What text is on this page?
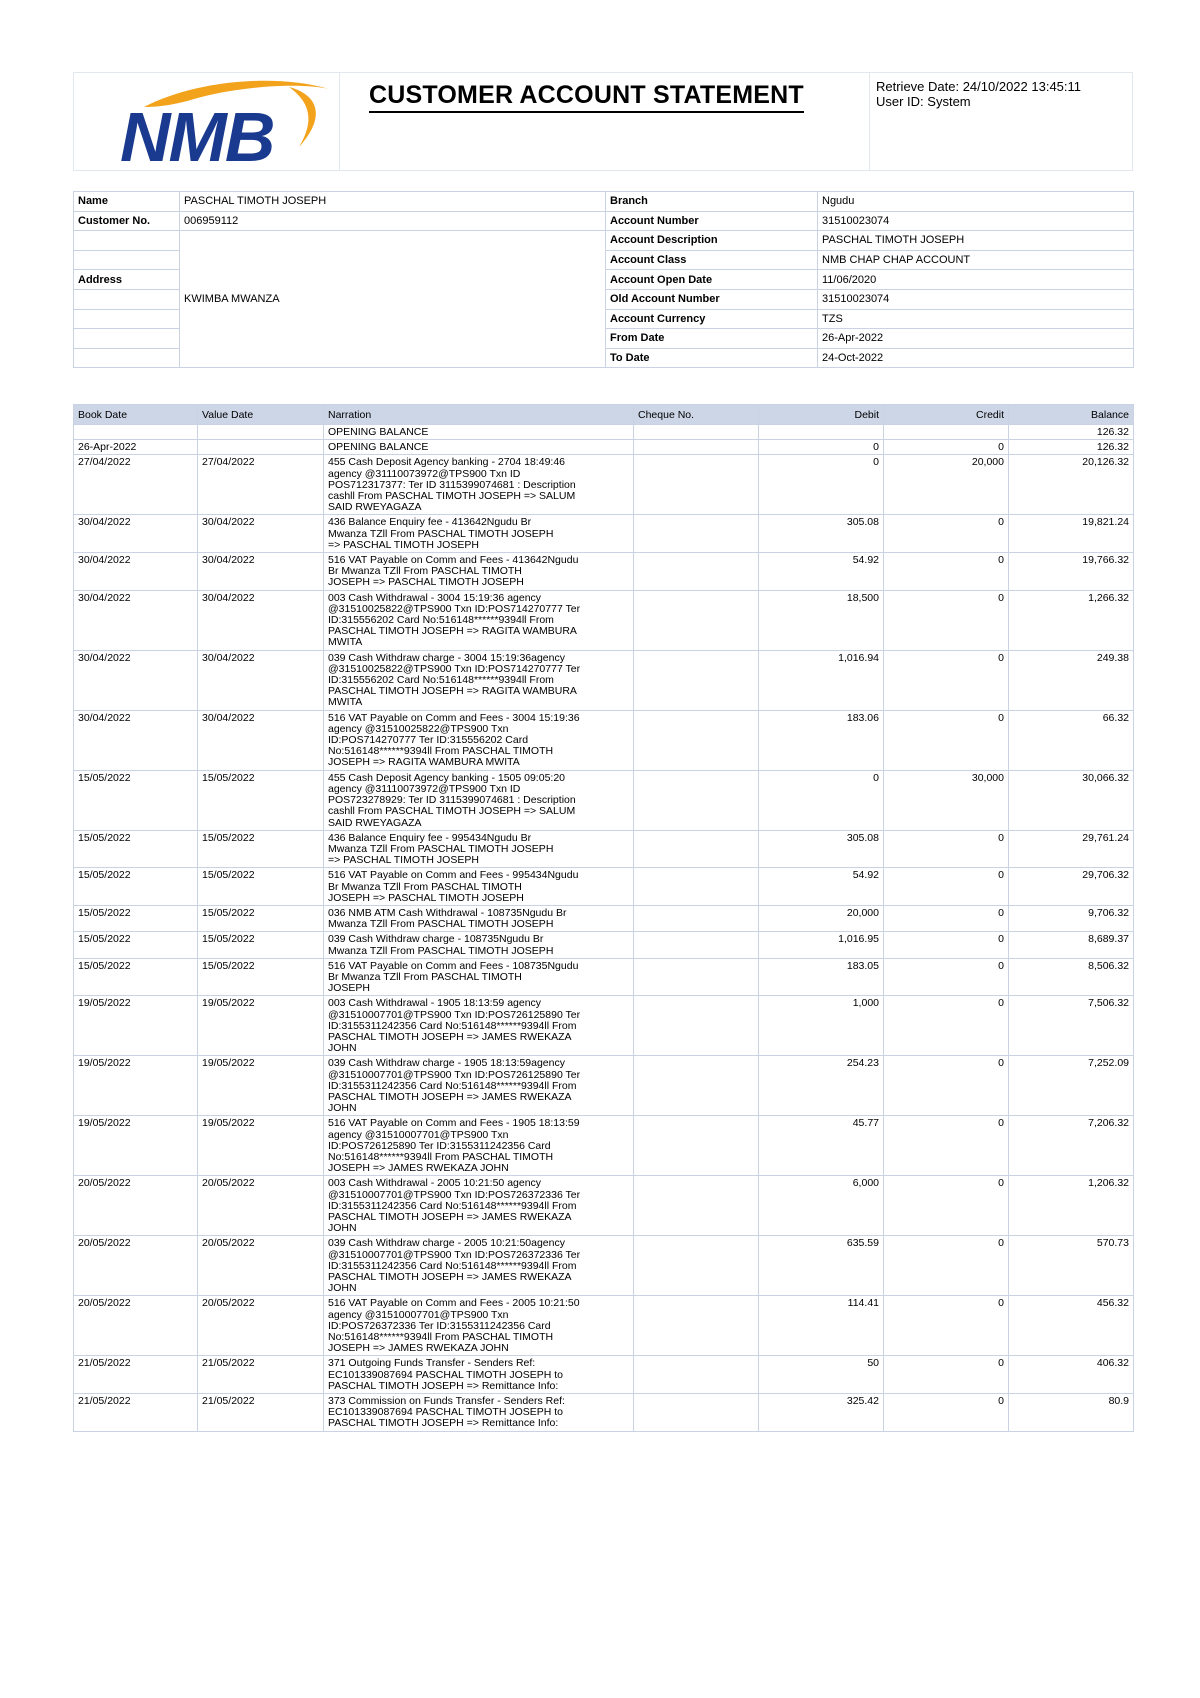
NMB
CUSTOMER ACCOUNT STATEMENT	Retrieve Date: 24/10/2022 13:45:11
User ID: System
Name	PASCHAL TIMOTH JOSEPH	Branch	Ngudu
Customer No.	006959112	Account Number	31510023074
	KWIMBA MWANZA	Account Description	PASCHAL TIMOTH JOSEPH
		Account Class	NMB CHAP CHAP ACCOUNT
Address		Account Open Date	11/06/2020
		Old Account Number	31510023074
		Account Currency	TZS
		From Date	26-Apr-2022
		To Date	24-Oct-2022
Book Date	Value Date	Narration	Cheque No.	Debit	Credit	Balance
		OPENING BALANCE				126.32
26-Apr-2022		OPENING BALANCE		0	0	126.32
27/04/2022	27/04/2022	455 Cash Deposit Agency banking - 2704 18:49:46
agency @31110073972@TPS900 Txn ID
POS712317377: Ter ID 3115399074681 : Description
cashll From PASCHAL TIMOTH JOSEPH => SALUM
SAID RWEYAGAZA		0	20,000	20,126.32
30/04/2022	30/04/2022	436 Balance Enquiry fee - 413642Ngudu Br
Mwanza TZll From PASCHAL TIMOTH JOSEPH
=> PASCHAL TIMOTH JOSEPH		305.08	0	19,821.24
30/04/2022	30/04/2022	516 VAT Payable on Comm and Fees - 413642Ngudu
Br Mwanza TZll From PASCHAL TIMOTH
JOSEPH => PASCHAL TIMOTH JOSEPH		54.92	0	19,766.32
30/04/2022	30/04/2022	003 Cash Withdrawal - 3004 15:19:36 agency
@31510025822@TPS900 Txn ID:POS714270777 Ter
ID:315556202 Card No:516148******9394ll From
PASCHAL TIMOTH JOSEPH => RAGITA WAMBURA
MWITA		18,500	0	1,266.32
30/04/2022	30/04/2022	039 Cash Withdraw charge - 3004 15:19:36agency
@31510025822@TPS900 Txn ID:POS714270777 Ter
ID:315556202 Card No:516148******9394ll From
PASCHAL TIMOTH JOSEPH => RAGITA WAMBURA
MWITA		1,016.94	0	249.38
30/04/2022	30/04/2022	516 VAT Payable on Comm and Fees - 3004 15:19:36
agency @31510025822@TPS900 Txn
ID:POS714270777 Ter ID:315556202 Card
No:516148******9394ll From PASCHAL TIMOTH
JOSEPH => RAGITA WAMBURA MWITA		183.06	0	66.32
15/05/2022	15/05/2022	455 Cash Deposit Agency banking - 1505 09:05:20
agency @31110073972@TPS900 Txn ID
POS723278929: Ter ID 3115399074681 : Description
cashll From PASCHAL TIMOTH JOSEPH => SALUM
SAID RWEYAGAZA		0	30,000	30,066.32
15/05/2022	15/05/2022	436 Balance Enquiry fee - 995434Ngudu Br
Mwanza TZll From PASCHAL TIMOTH JOSEPH
=> PASCHAL TIMOTH JOSEPH		305.08	0	29,761.24
15/05/2022	15/05/2022	516 VAT Payable on Comm and Fees - 995434Ngudu
Br Mwanza TZll From PASCHAL TIMOTH
JOSEPH => PASCHAL TIMOTH JOSEPH		54.92	0	29,706.32
15/05/2022	15/05/2022	036 NMB ATM Cash Withdrawal - 108735Ngudu Br
Mwanza TZll From PASCHAL TIMOTH JOSEPH		20,000	0	9,706.32
15/05/2022	15/05/2022	039 Cash Withdraw charge - 108735Ngudu Br
Mwanza TZll From PASCHAL TIMOTH JOSEPH		1,016.95	0	8,689.37
15/05/2022	15/05/2022	516 VAT Payable on Comm and Fees - 108735Ngudu
Br Mwanza TZll From PASCHAL TIMOTH
JOSEPH		183.05	0	8,506.32
19/05/2022	19/05/2022	003 Cash Withdrawal - 1905 18:13:59 agency
@31510007701@TPS900 Txn ID:POS726125890 Ter
ID:3155311242356 Card No:516148******9394ll From
PASCHAL TIMOTH JOSEPH => JAMES RWEKAZA
JOHN		1,000	0	7,506.32
19/05/2022	19/05/2022	039 Cash Withdraw charge - 1905 18:13:59agency
@31510007701@TPS900 Txn ID:POS726125890 Ter
ID:3155311242356 Card No:516148******9394ll From
PASCHAL TIMOTH JOSEPH => JAMES RWEKAZA
JOHN		254.23	0	7,252.09
19/05/2022	19/05/2022	516 VAT Payable on Comm and Fees - 1905 18:13:59
agency @31510007701@TPS900 Txn
ID:POS726125890 Ter ID:3155311242356 Card
No:516148******9394ll From PASCHAL TIMOTH
JOSEPH => JAMES RWEKAZA JOHN		45.77	0	7,206.32
20/05/2022	20/05/2022	003 Cash Withdrawal - 2005 10:21:50 agency
@31510007701@TPS900 Txn ID:POS726372336 Ter
ID:3155311242356 Card No:516148******9394ll From
PASCHAL TIMOTH JOSEPH => JAMES RWEKAZA
JOHN		6,000	0	1,206.32
20/05/2022	20/05/2022	039 Cash Withdraw charge - 2005 10:21:50agency
@31510007701@TPS900 Txn ID:POS726372336 Ter
ID:3155311242356 Card No:516148******9394ll From
PASCHAL TIMOTH JOSEPH => JAMES RWEKAZA
JOHN		635.59	0	570.73
20/05/2022	20/05/2022	516 VAT Payable on Comm and Fees - 2005 10:21:50
agency @31510007701@TPS900 Txn
ID:POS726372336 Ter ID:3155311242356 Card
No:516148******9394ll From PASCHAL TIMOTH
JOSEPH => JAMES RWEKAZA JOHN		114.41	0	456.32
21/05/2022	21/05/2022	371 Outgoing Funds Transfer - Senders Ref:
EC101339087694 PASCHAL TIMOTH JOSEPH to
PASCHAL TIMOTH JOSEPH => Remittance Info:		50	0	406.32
21/05/2022	21/05/2022	373 Commission on Funds Transfer - Senders Ref:
EC101339087694 PASCHAL TIMOTH JOSEPH to
PASCHAL TIMOTH JOSEPH => Remittance Info:		325.42	0	80.9
